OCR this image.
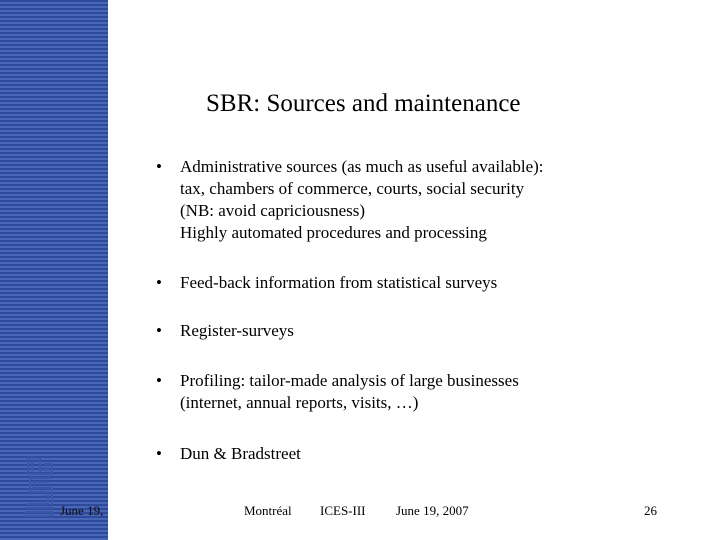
June 19,
SBR: Sources and maintenance
•	Administrative sources (as much as useful available):
tax, chambers of commerce, courts, social security
(NB: avoid capriciousness)
Highly automated procedures and processing
•	Feed-back information from statistical surveys
•	Register-surveys
•	Profiling: tailor-made analysis of large businesses
(internet, annual reports, visits, …)
•	Dun & Bradstreet
Montréal ICES-III June 19, 2007	26
